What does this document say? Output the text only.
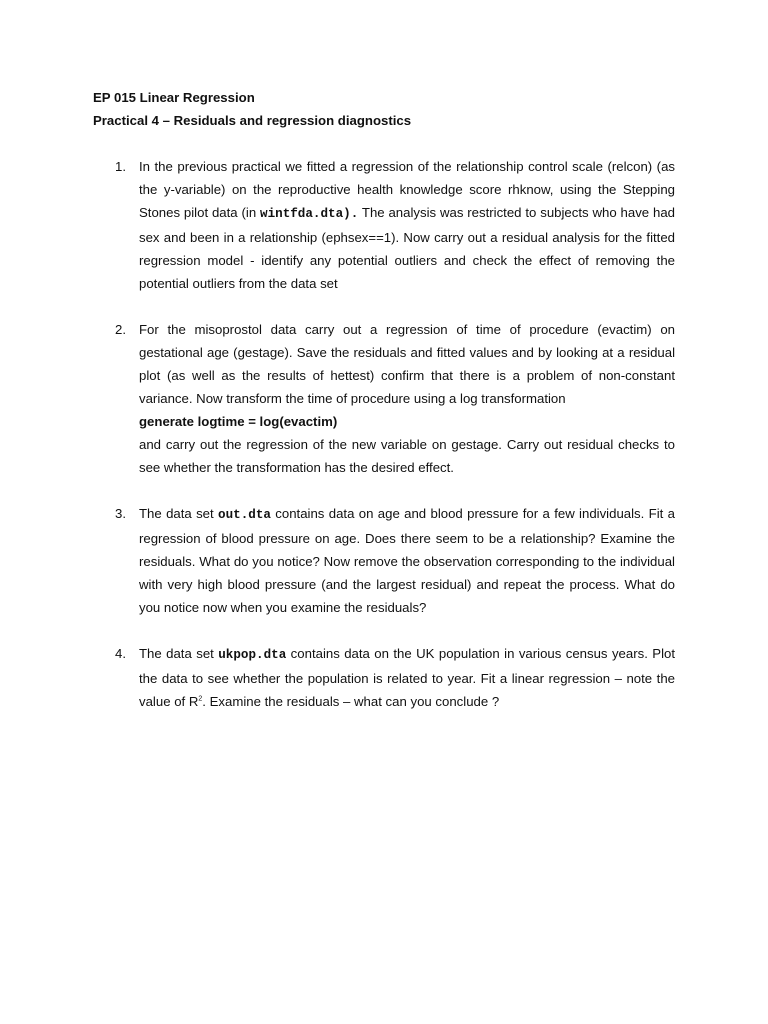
EP 015 Linear Regression

Practical 4 – Residuals and regression diagnostics

1. In the previous practical we fitted a regression of the relationship control scale (relcon) (as the y-variable) on the reproductive health knowledge score rhknow, using the Stepping Stones pilot data (in wintfda.dta). The analysis was restricted to subjects who have had sex and been in a relationship (ephsex==1). Now carry out a residual analysis for the fitted regression model - identify any potential outliers and check the effect of removing the potential outliers from the data set

2. For the misoprostol data carry out a regression of time of procedure (evactim) on gestational age (gestage). Save the residuals and fitted values and by looking at a residual plot (as well as the results of hettest) confirm that there is a problem of non-constant variance. Now transform the time of procedure using a log transformation

generate logtime = log(evactim)

and carry out the regression of the new variable on gestage. Carry out residual checks to see whether the transformation has the desired effect.

3. The data set out.dta contains data on age and blood pressure for a few individuals. Fit a regression of blood pressure on age. Does there seem to be a relationship? Examine the residuals. What do you notice? Now remove the observation corresponding to the individual with very high blood pressure (and the largest residual) and repeat the process. What do you notice now when you examine the residuals?

4. The data set ukpop.dta contains data on the UK population in various census years. Plot the data to see whether the population is related to year. Fit a linear regression – note the value of $R^2$. Examine the residuals – what can you conclude ?
